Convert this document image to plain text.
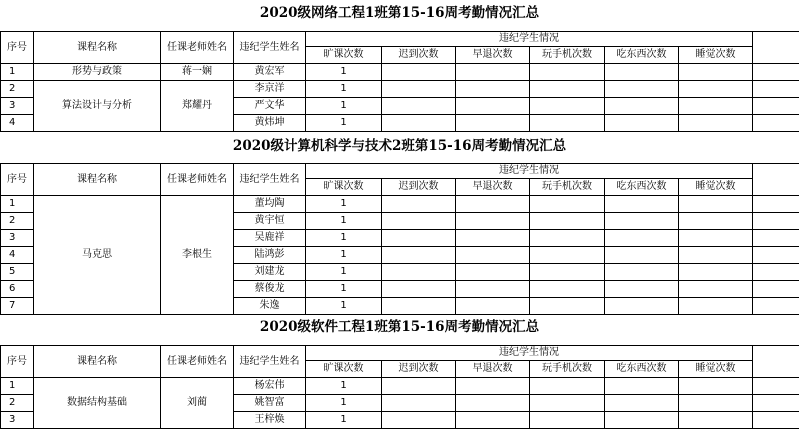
2020级网络工程1班第15-16周考勤情况汇总
序号	课程名称	任课老师姓名	违纪学生姓名	违纪学生情况						
				旷课次数	迟到次数	早退次数	玩手机次数	吃东西次数	睡觉次数	
1	形势与政策	蒋一娴	黄宏军	1						
2	算法设计与分析	郑耀丹	李京洋	1						
3			严文华	1						
4			黄炜坤	1						
2020级计算机科学与技术2班第15-16周考勤情况汇总
序号	课程名称	任课老师姓名	违纪学生姓名	违纪学生情况						
				旷课次数	迟到次数	早退次数	玩手机次数	吃东西次数	睡觉次数	
1	马克思	李根生	董均陶	1						
2			黄宇恒	1						
3			吴鹿祥	1						
4			陆鸿彭	1						
5			刘建龙	1						
6			蔡俊龙	1						
7			朱逸	1						
2020级软件工程1班第15-16周考勤情况汇总
序号	课程名称	任课老师姓名	违纪学生姓名	违纪学生情况						
				旷课次数	迟到次数	早退次数	玩手机次数	吃东西次数	睡觉次数	
1	数据结构基础	刘蔺	杨宏伟	1						
2			姚智富	1						
3			王梓焕	1						
